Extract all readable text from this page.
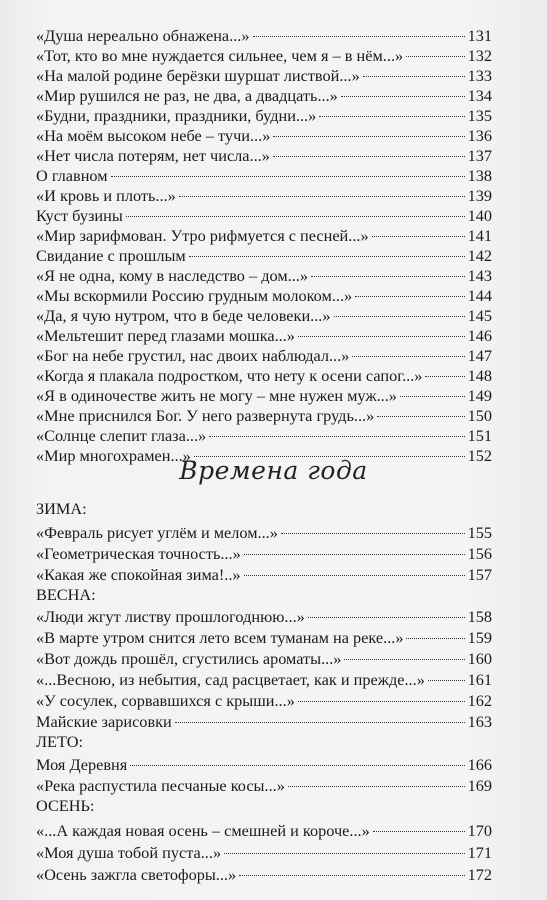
«Душа нереально обнажена...»	131
«Тот, кто во мне нуждается сильнее, чем я – в нём...»	132
«На малой родине берёзки шуршат листвой...»	133
«Мир рушился не раз, не два, а двадцать...»	134
«Будни, праздники, праздники, будни...»	135
«На моём высоком небе – тучи...»	136
«Нет числа потерям, нет числа...»	137
О главном	138
«И кровь и плоть...»	139
Куст бузины	140
«Мир зарифмован. Утро рифмуется с песней...»	141
Свидание с прошлым	142
«Я не одна, кому в наследство – дом...»	143
«Мы вскормили Россию грудным молоком...»	144
«Да, я чую нутром, что в беде человеки...»	145
«Мельтешит перед глазами мошка...»	146
«Бог на небе грустил, нас двоих наблюдал...»	147
«Когда я плакала подростком, что нету к осени сапог...»	148
«Я в одиночестве жить не могу – мне нужен муж...»	149
«Мне приснился Бог. У него развернута грудь...»	150
«Солнце слепит глаза...»	151
«Мир многохрамен...»	152
Времена года
ЗИМА:
«Февраль рисует углём и мелом...»	155
«Геометрическая точность...»	156
«Какая же спокойная зима!..»	157
ВЕСНА:
«Люди жгут листву прошлогоднюю...»	158
«В марте утром снится лето всем туманам на реке...»	159
«Вот дождь прошёл, сгустились ароматы...»	160
«...Весною, из небытия, сад расцветает, как и прежде...»	161
«У сосулек, сорвавшихся с крыши...»	162
Майские зарисовки	163
ЛЕТО:
Моя Деревня	166
«Река распустила песчаные косы...»	169
ОСЕНЬ:
«...А каждая новая осень – смешней и короче...»	170
«Моя душа тобой пуста...»	171
«Осень зажгла светофоры...»	172
